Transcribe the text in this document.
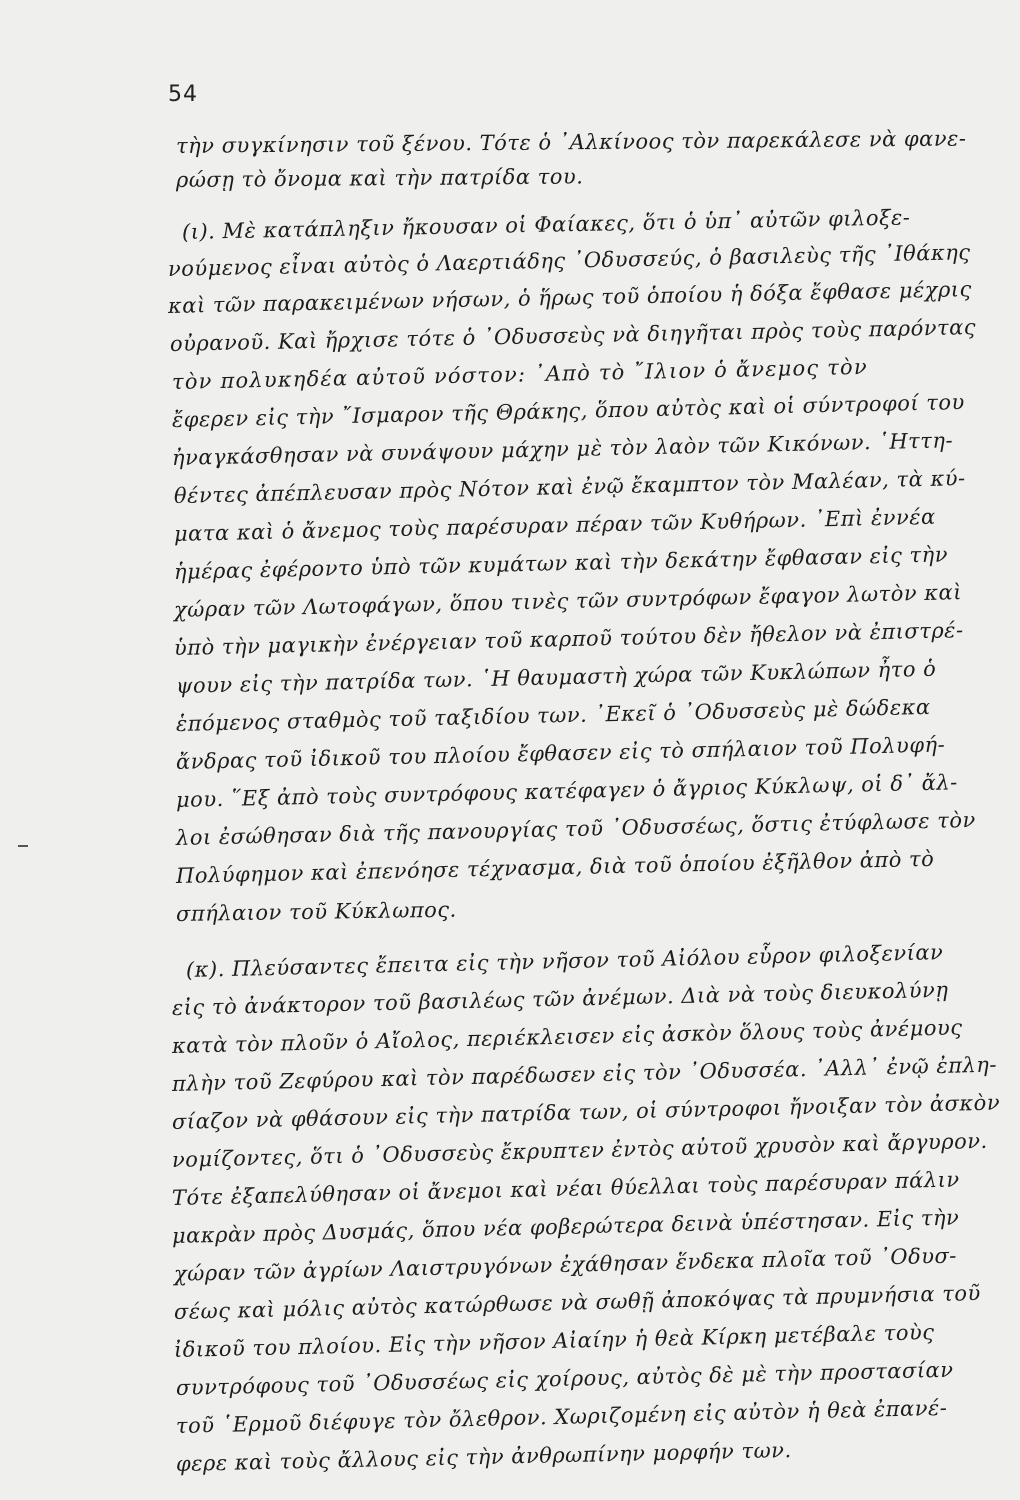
54
τὴν συγκίνησιν τοῦ ξένου. Τότε ὁ ᾿Αλκίνοος τὸν παρεκάλεσε νὰ φανε-
ρώσῃ τὸ ὄνομα καὶ τὴν πατρίδα του.
(ι). Μὲ κατάπληξιν ἤκουσαν οἱ Φαίακες, ὅτι ὁ ὑπ᾿ αὐτῶν φιλοξε-
νούμενος εἶναι αὐτὸς ὁ Λαερτιάδης ᾿Οδυσσεύς, ὁ βασιλεὺς τῆς ᾿Ιθάκης
καὶ τῶν παρακειμένων νήσων, ὁ ἥρως τοῦ ὁποίου ἡ δόξα ἔφθασε μέχρις
οὐρανοῦ. Καὶ ἤρχισε τότε ὁ ᾿Οδυσσεὺς νὰ διηγῆται πρὸς τοὺς παρόντας
τὸν πολυκηδέα αὐτοῦ νόστον: ᾿Απὸ τὸ ῎Ιλιον ὁ ἄνεμος τὸν
ἔφερεν εἰς τὴν ῎Ισμαρον τῆς Θράκης, ὅπου αὐτὸς καὶ οἱ σύντροφοί του
ἠναγκάσθησαν νὰ συνάψουν μάχην μὲ τὸν λαὸν τῶν Κικόνων. ῾Ηττη-
θέντες ἀπέπλευσαν πρὸς Νότον καὶ ἐνῷ ἔκαμπτον τὸν Μαλέαν, τὰ κύ-
ματα καὶ ὁ ἄνεμος τοὺς παρέσυραν πέραν τῶν Κυθήρων. ᾿Επὶ ἐννέα
ἡμέρας ἐφέροντο ὑπὸ τῶν κυμάτων καὶ τὴν δεκάτην ἔφθασαν εἰς τὴν
χώραν τῶν Λωτοφάγων, ὅπου τινὲς τῶν συντρόφων ἔφαγον λωτὸν καὶ
ὑπὸ τὴν μαγικὴν ἐνέργειαν τοῦ καρποῦ τούτου δὲν ἤθελον νὰ ἐπιστρέ-
ψουν εἰς τὴν πατρίδα των. ῾Η θαυμαστὴ χώρα τῶν Κυκλώπων ἦτο ὁ
ἑπόμενος σταθμὸς τοῦ ταξιδίου των. ᾿Εκεῖ ὁ ᾿Οδυσσεὺς μὲ δώδεκα
ἄνδρας τοῦ ἰδικοῦ του πλοίου ἔφθασεν εἰς τὸ σπήλαιον τοῦ Πολυφή-
μου. ῞Εξ ἀπὸ τοὺς συντρόφους κατέφαγεν ὁ ἄγριος Κύκλωψ, οἱ δ᾿ ἄλ-
λοι ἐσώθησαν διὰ τῆς πανουργίας τοῦ ᾿Οδυσσέως, ὅστις ἐτύφλωσε τὸν
Πολύφημον καὶ ἐπενόησε τέχνασμα, διὰ τοῦ ὁποίου ἐξῆλθον ἀπὸ τὸ
σπήλαιον τοῦ Κύκλωπος.
(κ). Πλεύσαντες ἔπειτα εἰς τὴν νῆσον τοῦ Αἰόλου εὗρον φιλοξενίαν
εἰς τὸ ἀνάκτορον τοῦ βασιλέως τῶν ἀνέμων. Διὰ νὰ τοὺς διευκολύνῃ
κατὰ τὸν πλοῦν ὁ Αἴολος, περιέκλεισεν εἰς ἀσκὸν ὅλους τοὺς ἀνέμους
πλὴν τοῦ Ζεφύρου καὶ τὸν παρέδωσεν εἰς τὸν ᾿Οδυσσέα. ᾿Αλλ᾿ ἐνῷ ἐπλη-
σίαζον νὰ φθάσουν εἰς τὴν πατρίδα των, οἱ σύντροφοι ἤνοιξαν τὸν ἀσκὸν
νομίζοντες, ὅτι ὁ ᾿Οδυσσεὺς ἔκρυπτεν ἐντὸς αὐτοῦ χρυσὸν καὶ ἄργυρον.
Τότε ἐξαπελύθησαν οἱ ἄνεμοι καὶ νέαι θύελλαι τοὺς παρέσυραν πάλιν
μακρὰν πρὸς Δυσμάς, ὅπου νέα φοβερώτερα δεινὰ ὑπέστησαν. Εἰς τὴν
χώραν τῶν ἀγρίων Λαιστρυγόνων ἐχάθησαν ἕνδεκα πλοῖα τοῦ ᾿Οδυσ-
σέως καὶ μόλις αὐτὸς κατώρθωσε νὰ σωθῇ ἀποκόψας τὰ πρυμνήσια τοῦ
ἰδικοῦ του πλοίου. Εἰς τὴν νῆσον Αἰαίην ἡ θεὰ Κίρκη μετέβαλε τοὺς
συντρόφους τοῦ ᾿Οδυσσέως εἰς χοίρους, αὐτὸς δὲ μὲ τὴν προστασίαν
τοῦ ῾Ερμοῦ διέφυγε τὸν ὄλεθρον. Χωριζομένη εἰς αὐτὸν ἡ θεὰ ἐπανέ-
φερε καὶ τοὺς ἄλλους εἰς τὴν ἀνθρωπίνην μορφήν των.
